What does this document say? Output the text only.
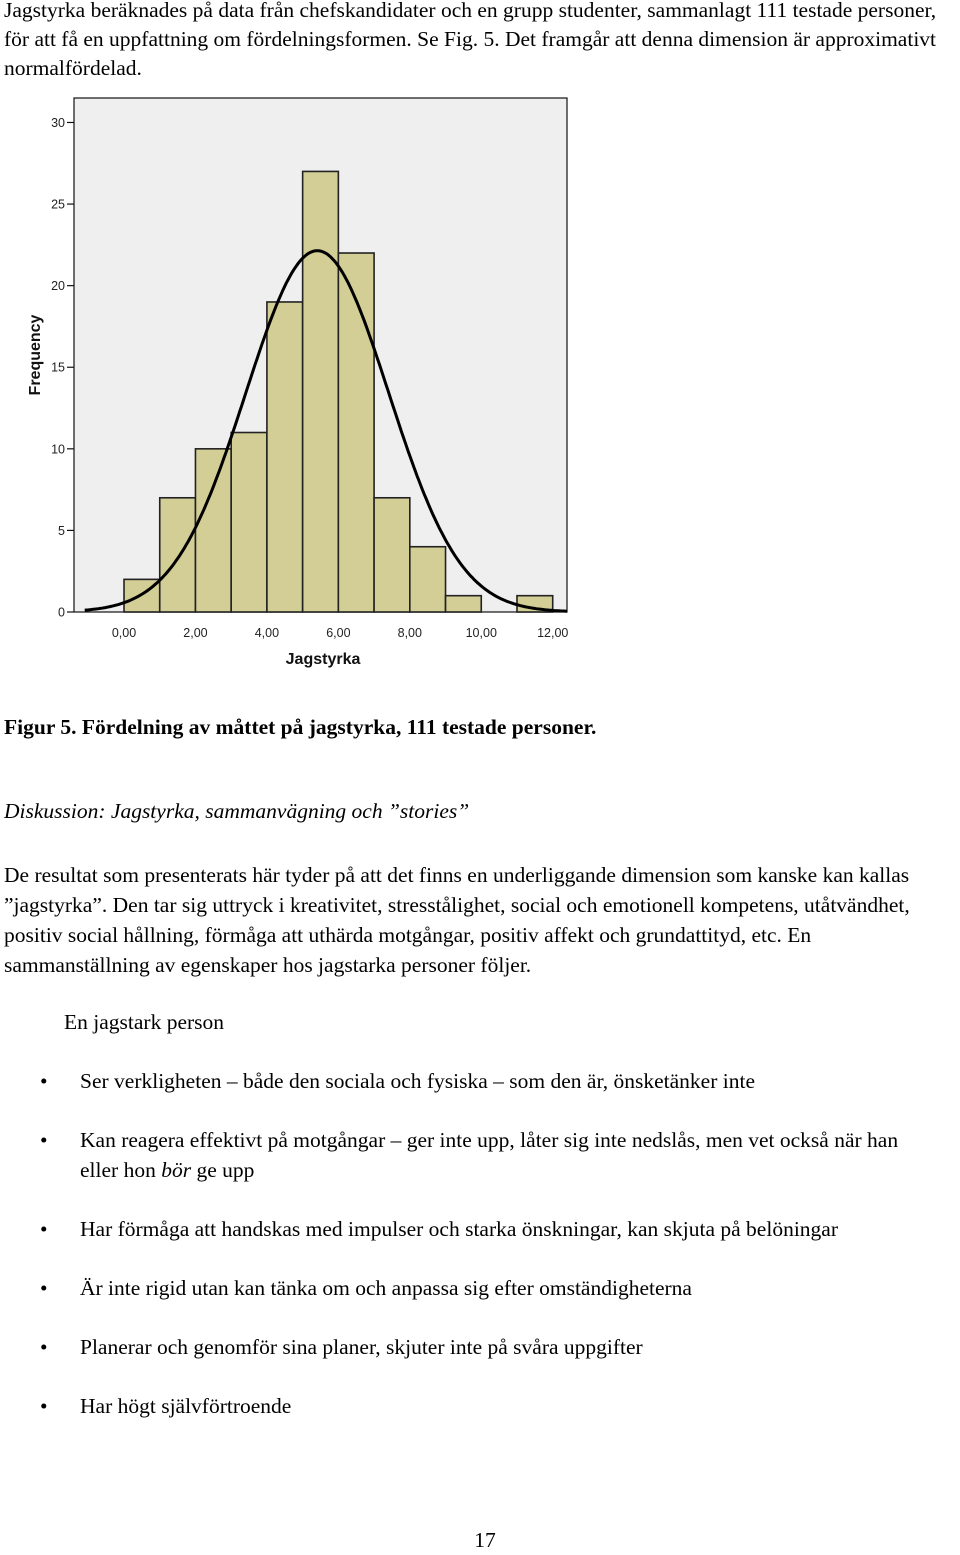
Jagstyrka beräknades på data från chefskandidater och en grupp studenter, sammanlagt 111 testade personer, för att få en uppfattning om fördelningsformen. Se Fig. 5. Det framgår att denna dimension är approximativt normalfördelad.

0
5
10
15
20
25
30
0,00	2,00	4,00	6,00	8,00	10,00	12,00
Jagstyrka
Frequency

Figur 5. Fördelning av måttet på jagstyrka, 111 testade personer.

Diskussion: Jagstyrka, sammanvägning och ”stories”

De resultat som presenterats här tyder på att det finns en underliggande dimension som kanske kan kallas ”jagstyrka”. Den tar sig uttryck i kreativitet, stresstålighet, social och emotionell kompetens, utåtvändhet, positiv social hållning, förmåga att uthärda motgångar, positiv affekt och grundattityd, etc. En sammanställning av egenskaper hos jagstarka personer följer.

En jagstark person

• Ser verkligheten – både den sociala och fysiska – som den är, önsketänker inte
• Kan reagera effektivt på motgångar – ger inte upp, låter sig inte nedslås, men vet också när han eller hon bör ge upp
• Har förmåga att handskas med impulser och starka önskningar, kan skjuta på belöningar
• Är inte rigid utan kan tänka om och anpassa sig efter omständigheterna
• Planerar och genomför sina planer, skjuter inte på svåra uppgifter
• Har högt självförtroende

17
